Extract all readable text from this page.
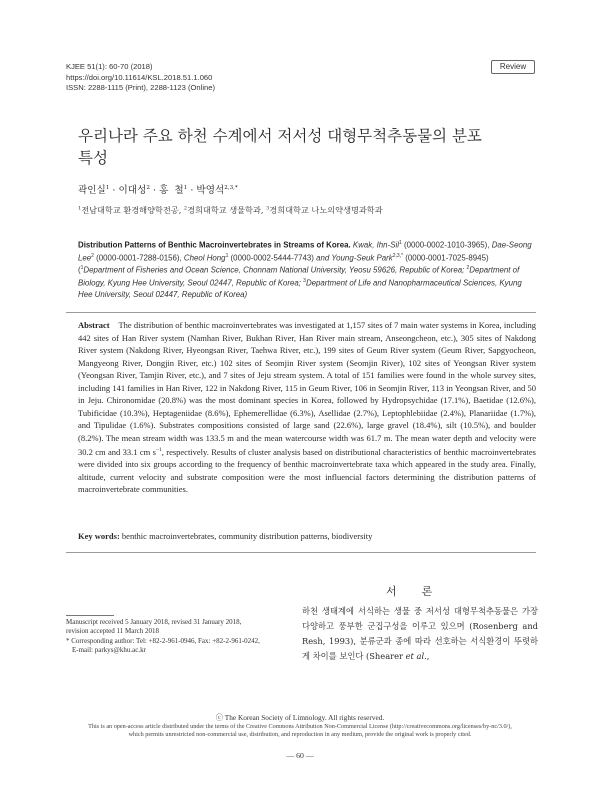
KJEE 51(1): 60-70 (2018)
https://doi.org/10.11614/KSL.2018.51.1.060
ISSN: 2288-1115 (Print), 2288-1123 (Online)
Review
우리나라 주요 하천 수계에서 저서성 대형무척추동물의 분포
특성
곽인실$^1$ · 이대성$^2$ · 홍  철$^1$ · 박영석$^{2,3,*}$
$^1$전남대학교 환경해양학전공, $^2$경희대학교 생물학과, $^3$경희대학교 나노의약생명과학과
Distribution Patterns of Benthic Macroinvertebrates in Streams of Korea. Kwak, Ihn-Sil$^1$ (0000-0002-1010-3965), Dae-Seong Lee$^2$ (0000-0001-7288-0156), Cheol Hong$^1$ (0000-0002-5444-7743) and Young-Seuk Park$^{2,3,*}$ (0000-0001-7025-8945) ($^1$Department of Fisheries and Ocean Science, Chonnam National University, Yeosu 59626, Republic of Korea; $^2$Department of Biology, Kyung Hee University, Seoul 02447, Republic of Korea; $^3$Department of Life and Nanopharmaceutical Sciences, Kyung Hee University, Seoul 02447, Republic of Korea)

Abstract The distribution of benthic macroinvertebrates was investigated at 1,157 sites of 7 main water systems in Korea, including 442 sites of Han River system (Namhan River, Bukhan River, Han River main stream, Anseongcheon, etc.), 305 sites of Nakdong River system (Nakdong River, Hyeongsan River, Taehwa River, etc.), 199 sites of Geum River system (Geum River, Sapgyocheon, Mangyeong River, Dongjin River, etc.) 102 sites of Seomjin River system (Seomjin River), 102 sites of Yeongsan River system (Yeongsan River, Tamjin River, etc.), and 7 sites of Jeju stream system. A total of 151 families were found in the whole survey sites, including 141 families in Han River, 122 in Nakdong River, 115 in Geum River, 106 in Seomjin River, 113 in Yeongsan River, and 50 in Jeju. Chironomidae (20.8%) was the most dominant species in Korea, followed by Hydropsychidae (17.1%), Baetidae (12.6%), Tubificidae (10.3%), Heptageniidae (8.6%), Ephemerellidae (6.3%), Asellidae (2.7%), Leptophlebiidae (2.4%), Planariidae (1.7%), and Tipulidae (1.6%). Substrates compositions consisted of large sand (22.6%), large gravel (18.4%), silt (10.5%), and boulder (8.2%). The mean stream width was 133.5 m and the mean watercourse width was 61.7 m. The mean water depth and velocity were 30.2 cm and 33.1 cm $s^{-1}$, respectively. Results of cluster analysis based on distributional characteristics of benthic macroinvertebrates were divided into six groups according to the frequency of benthic macroinvertebrate taxa which appeared in the study area. Finally, altitude, current velocity and substrate composition were the most influencial factors determining the distribution patterns of macroinvertebrate communities.

Key words: benthic macroinvertebrates, community distribution patterns, biodiversity

서  론

하천 생태계에 서식하는 생물 중 저서성 대형무척추동물은 가장 다양하고 풍부한 군집구성을 이루고 있으며 (Rosenberg and Resh, 1993), 분류군과 종에 따라 선호하는 서식환경이 뚜렷하게 차이를 보인다 (Shearer et al.,

Manuscript received 5 January 2018, revised 31 January 2018,
revision accepted 11 March 2018
* Corresponding author: Tel: +82-2-961-0946, Fax: +82-2-961-0242,
E-mail: parkys@khu.ac.kr
ⓒ The Korean Society of Limnology. All rights reserved.
This is an open-access article distributed under the terms of the Creative Commons Attribution Non-Commercial License (http://creativecommons.org/licenses/by-nc/3.0/),
which permits unrestricted non-commercial use, distribution, and reproduction in any medium, provide the original work is properly cited.
― 60 ―
